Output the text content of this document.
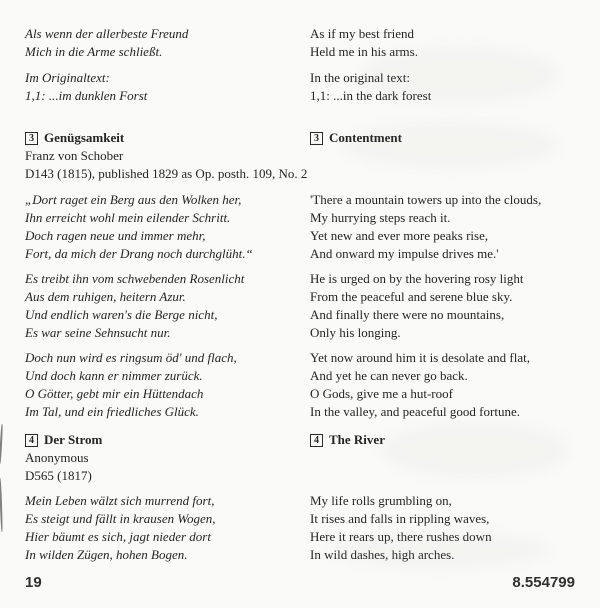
Als wenn der allerbeste Freund
Mich in die Arme schließt.
As if my best friend
Held me in his arms.
Im Originaltext:
1,1: ...im dunklen Forst
In the original text:
1,1: ...in the dark forest
3 Genügsamkeit
Franz von Schober
D143 (1815), published 1829 as Op. posth. 109, No. 2
3 Contentment
„Dort raget ein Berg aus den Wolken her,
Ihn erreicht wohl mein eilender Schritt.
Doch ragen neue und immer mehr,
Fort, da mich der Drang noch durchglüht.“
'There a mountain towers up into the clouds,
My hurrying steps reach it.
Yet new and ever more peaks rise,
And onward my impulse drives me.'
Es treibt ihn vom schwebenden Rosenlicht
Aus dem ruhigen, heitern Azur.
Und endlich waren's die Berge nicht,
Es war seine Sehnsucht nur.
He is urged on by the hovering rosy light
From the peaceful and serene blue sky.
And finally there were no mountains,
Only his longing.
Doch nun wird es ringsum öd' und flach,
Und doch kann er nimmer zurück.
O Götter, gebt mir ein Hüttendach
Im Tal, und ein friedliches Glück.
Yet now around him it is desolate and flat,
And yet he can never go back.
O Gods, give me a hut-roof
In the valley, and peaceful good fortune.
4 Der Strom
Anonymous
D565 (1817)
4 The River
Mein Leben wälzt sich murrend fort,
Es steigt und fällt in krausen Wogen,
Hier bäumt es sich, jagt nieder dort
In wilden Zügen, hohen Bogen.
My life rolls grumbling on,
It rises and falls in rippling waves,
Here it rears up, there rushes down
In wild dashes, high arches.
19	8.554799
